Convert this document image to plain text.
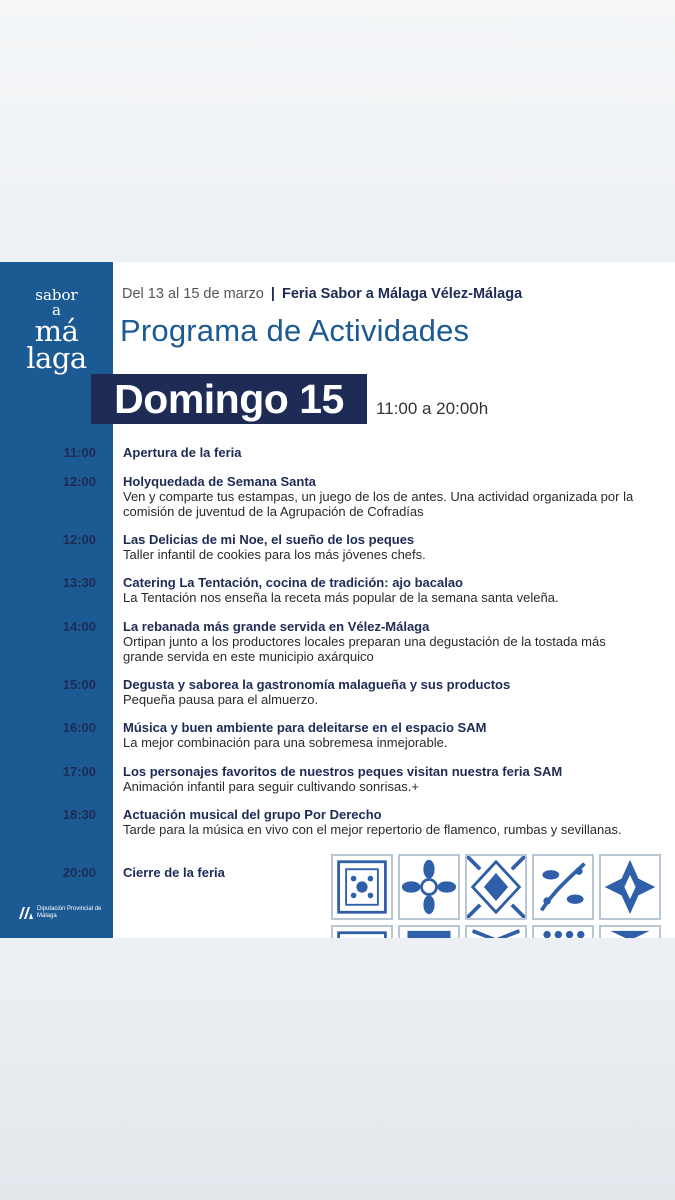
sabor
a
má
laga
Diputación Provincial de Málaga
Del 13 al 15 de marzo | Feria Sabor a Málaga Vélez-Málaga
Programa de Actividades
Domingo 15	11:00 a 20:00h
11:00 Apertura de la feria
12:00 Holyquedada de Semana Santa
Ven y comparte tus estampas, un juego de los de antes. Una actividad organizada por la comisión de juventud de la Agrupación de Cofradías
12:00 Las Delicias de mi Noe, el sueño de los peques
Taller infantil de cookies para los más jóvenes chefs.
13:30 Catering La Tentación, cocina de tradición: ajo bacalao
La Tentación nos enseña la receta más popular de la semana santa veleña.
14:00 La rebanada más grande servida en Vélez-Málaga
Ortipan junto a los productores locales preparan una degustación de la tostada más grande servida en este municipio axárquico
15:00 Degusta y saborea la gastronomía malagueña y sus productos
Pequeña pausa para el almuerzo.
16:00 Música y buen ambiente para deleitarse en el espacio SAM
La mejor combinación para una sobremesa inmejorable.
17:00 Los personajes favoritos de nuestros peques visitan nuestra feria SAM
Animación infantil para seguir cultivando sonrisas.+
18:30 Actuación musical del grupo Por Derecho
Tarde para la música en vivo con el mejor repertorio de flamenco, rumbas y sevillanas.
20:00 Cierre de la feria
